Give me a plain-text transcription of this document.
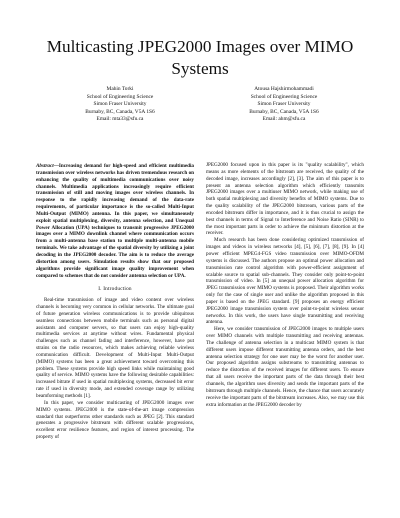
Multicasting JPEG2000 Images over MIMO
Systems
Mahin Torki
School of Engineering Science
Simon Fraser University
Burnaby, BC, Canada, V5A 1S6
Email: mta33@sfu.ca
Atousa Hajshirmohammadi
School of Engineering Science
Simon Fraser University
Burnaby, BC, Canada, V5A 1S6
Email: ahm@sfu.ca

Abstract—Increasing demand for high-speed and efficient multimedia transmission over wireless networks has driven tremendous research on enhancing the quality of multimedia communications over noisy channels. Multimedia applications increasingly require efficient transmission of still and moving images over wireless channels. In response to the rapidly increasing demand of the data-rate requirements, of particular importance is the so-called Multi-Input Multi-Output (MIMO) antenna. In this paper, we simultaneously exploit spatial multiplexing, diversity, antenna selection, and Unequal Power Allocation (UPA) techniques to transmit progressive JPEG2000 images over a MIMO downlink channel where communication occurs from a multi-antenna base station to multiple multi-antenna mobile terminals. We take advantage of the spatial diversity by utilizing a joint decoding in the JPEG2000 decoder. The aim is to reduce the average distortion among users. Simulation results show that our proposed algorithms provide significant image quality improvement when compared to schemes that do not consider antenna selection or UPA.

I. Introduction

Real-time transmission of image and video content over wireless channels is becoming very common in cellular networks. The ultimate goal of future generation wireless communications is to provide ubiquitous seamless connections between mobile terminals such as personal digital assistants and computer servers, so that users can enjoy high-quality multimedia services at anytime without wires. Fundamental physical challenges such as channel fading and interference, however, have put strains on the radio resources, which makes achieving reliable wireless communication difficult. Development of Multi-Input Multi-Output (MIMO) systems has been a great achievement toward overcoming this problem. These systems provide high speed links while maintaining good quality of service. MIMO systems have the following desirable capabilities: increased bitrate if used in spatial multiplexing systems, decreased bit error rate if used in diversity mode, and extended coverage range by utilizing beamforming methods [1].

In this paper, we consider multicasting of JPEG2000 images over MIMO systems. JPEG2000 is the state-of-the-art image compression standard that outperforms other standards such as JPEG [2]. This standard generates a progressive bitstream with different scalable progressions, excellent error resilience features, and region of interest processing. The property of

JPEG2000 focused upon in this paper is its "quality scalability", which means as more elements of the bitstream are received, the quality of the decoded image, increases accordingly [2], [3]. The aim of this paper is to present an antenna selection algorithm which efficiently transmits JPEG2000 images over a multiuser MIMO network, while making use of both spatial multiplexing and diversity benefits of MIMO systems. Due to the quality scalability of the JPEG2000 bitstream, various parts of the encoded bitstream differ in importance, and it is thus crucial to assign the best channels in terms of Signal to Interference and Noise Ratio (SINR) to the most important parts in order to achieve the minimum distortion at the receiver.

Much research has been done considering optimized transmission of images and videos in wireless networks [4], [5], [6], [7], [8], [9]. In [4] power efficient MPEG4-FGS video transmission over MIMO-OFDM systems is discussed. The authors propose an optimal power allocation and transmission rate control algorithm with power-efficient assignment of scalable source to spatial sub-channels. They consider only point-to-point transmission of video. In [5] an unequal power allocation algorithm for JPEG transmission over MIMO systems is proposed. Their algorithm works only for the case of single user and unlike the algorithm proposed in this paper is based on the JPEG standard. [9] proposes an energy efficient JPEG2000 image transmission system over point-to-point wireless sensor networks. In this work, the users have single transmitting and receiving antenna.

Here, we consider transmission of JPEG2000 images to multiple users over MIMO channels with multiple transmitting and receiving antennas. The challenge of antenna selection in a multicast MIMO system is that different users impose different transmitting antenna orders, and the best antenna selection strategy for one user may be the worst for another user. Our proposed algorithm assigns substreams to transmitting antennas to reduce the distortion of the received images for different users. To ensure that all users receive the important parts of the data through their best channels, the algorithm uses diversity and sends the important parts of the bitstream through multiple channels. Hence, the chance that users accurately receive the important parts of the bitstream increases. Also, we may use this extra information at the JPEG2000 decoder by
